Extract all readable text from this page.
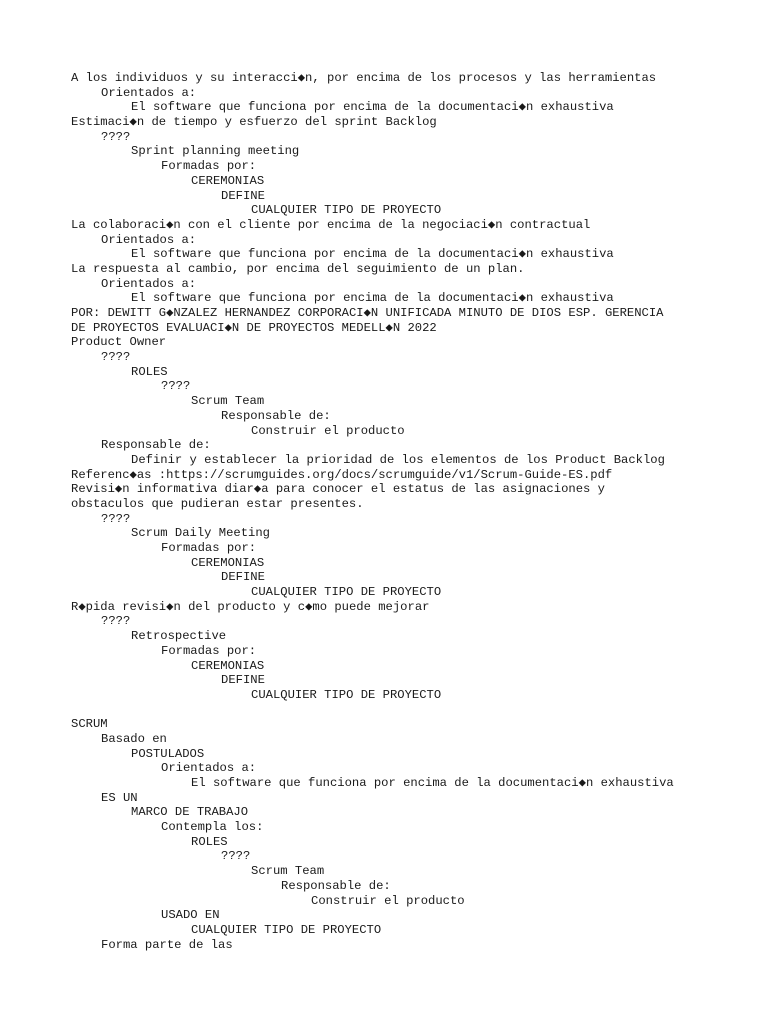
A los individuos y su interacci◆n, por encima de los procesos y las herramientas
Orientados a:
El software que funciona por encima de la documentaci◆n exhaustiva
Estimaci◆n de tiempo y esfuerzo del sprint Backlog
????
Sprint planning meeting
Formadas por:
CEREMONIAS
DEFINE
CUALQUIER TIPO DE PROYECTO
La colaboraci◆n con el cliente por encima de la negociaci◆n contractual
Orientados a:
El software que funciona por encima de la documentaci◆n exhaustiva
La respuesta al cambio, por encima del seguimiento de un plan.
Orientados a:
El software que funciona por encima de la documentaci◆n exhaustiva
POR: DEWITT G◆NZALEZ HERNANDEZ CORPORACI◆N UNIFICADA MINUTO DE DIOS ESP. GERENCIA
DE PROYECTOS EVALUACI◆N DE PROYECTOS MEDELL◆N 2022
Product Owner
????
ROLES
????
Scrum Team
Responsable de:
Construir el producto
Responsable de:
Definir y establecer la prioridad de los elementos de los Product Backlog
Referenc◆as :https://scrumguides.org/docs/scrumguide/v1/Scrum-Guide-ES.pdf
Revisi◆n informativa diar◆a para conocer el estatus de las asignaciones y
obstaculos que pudieran estar presentes.
????
Scrum Daily Meeting
Formadas por:
CEREMONIAS
DEFINE
CUALQUIER TIPO DE PROYECTO
R◆pida revisi◆n del producto y c◆mo puede mejorar
????
Retrospective
Formadas por:
CEREMONIAS
DEFINE
CUALQUIER TIPO DE PROYECTO
SCRUM
Basado en
POSTULADOS
Orientados a:
El software que funciona por encima de la documentaci◆n exhaustiva
ES UN
MARCO DE TRABAJO
Contempla los:
ROLES
????
Scrum Team
Responsable de:
Construir el producto
USADO EN
CUALQUIER TIPO DE PROYECTO
Forma parte de las
